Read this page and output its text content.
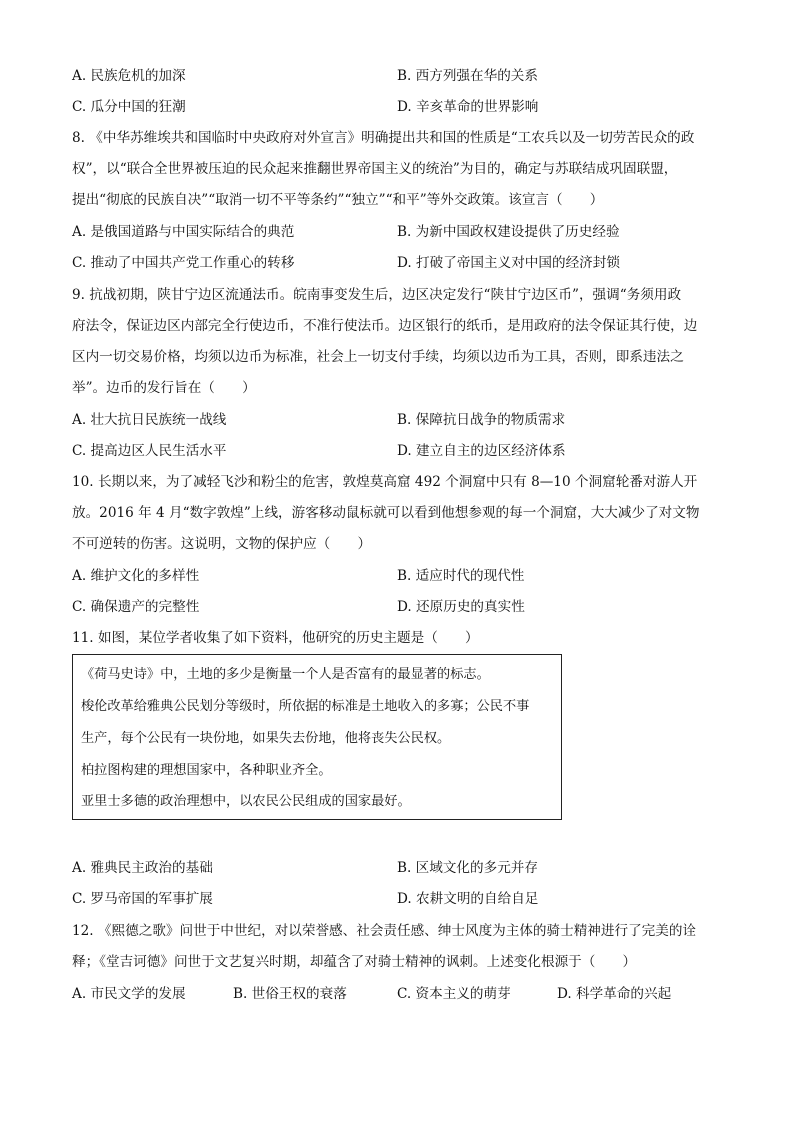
A. 民族危机的加深	B. 西方列强在华的关系
C. 瓜分中国的狂潮	D. 辛亥革命的世界影响
8. 《中华苏维埃共和国临时中央政府对外宣言》明确提出共和国的性质是“工农兵以及一切劳苦民众的政
权”，以“联合全世界被压迫的民众起来推翻世界帝国主义的统治”为目的，确定与苏联结成巩固联盟，
提出“彻底的民族自决”“取消一切不平等条约”“独立”“和平”等外交政策。该宣言（　　）
A. 是俄国道路与中国实际结合的典范	B. 为新中国政权建设提供了历史经验
C. 推动了中国共产党工作重心的转移	D. 打破了帝国主义对中国的经济封锁
9. 抗战初期，陕甘宁边区流通法币。皖南事变发生后，边区决定发行“陕甘宁边区币”，强调“务须用政
府法令，保证边区内部完全行使边币，不准行使法币。边区银行的纸币，是用政府的法令保证其行使，边
区内一切交易价格，均须以边币为标准，社会上一切支付手续，均须以边币为工具，否则，即系违法之
举”。边币的发行旨在（　　）
A. 壮大抗日民族统一战线	B. 保障抗日战争的物质需求
C. 提高边区人民生活水平	D. 建立自主的边区经济体系
10. 长期以来，为了减轻飞沙和粉尘的危害，敦煌莫高窟 492 个洞窟中只有 8—10 个洞窟轮番对游人开
放。2016 年 4 月“数字敦煌”上线，游客移动鼠标就可以看到他想参观的每一个洞窟，大大减少了对文物
不可逆转的伤害。这说明，文物的保护应（　　）
A. 维护文化的多样性	B. 适应时代的现代性
C. 确保遗产的完整性	D. 还原历史的真实性
11. 如图，某位学者收集了如下资料，他研究的历史主题是（　　）
《荷马史诗》中，土地的多少是衡量一个人是否富有的最显著的标志。
梭伦改革给雅典公民划分等级时，所依据的标准是土地收入的多寡；公民不事
生产，每个公民有一块份地，如果失去份地，他将丧失公民权。
柏拉图构建的理想国家中，各种职业齐全。
亚里士多德的政治理想中，以农民公民组成的国家最好。
A. 雅典民主政治的基础	B. 区域文化的多元并存
C. 罗马帝国的军事扩展	D. 农耕文明的自给自足
12. 《熙德之歌》问世于中世纪，对以荣誉感、社会责任感、绅士风度为主体的骑士精神进行了完美的诠
释；《堂吉诃德》问世于文艺复兴时期，却蕴含了对骑士精神的讽刺。上述变化根源于（　　）
A. 市民文学的发展	B. 世俗王权的衰落	C. 资本主义的萌芽	D. 科学革命的兴起
